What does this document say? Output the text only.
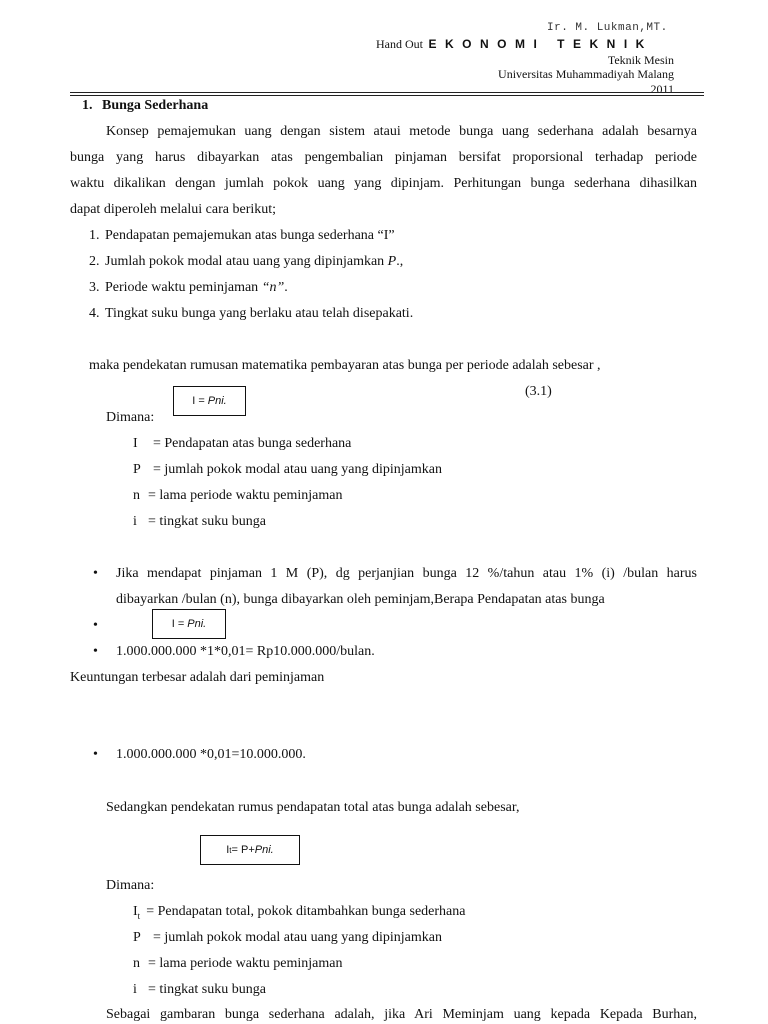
Ir. M. Lukman,MT.
Hand Out EKONOMI TEKNIK
Teknik Mesin
Universitas Muhammadiyah Malang
2011
1. Bunga Sederhana
Konsep pemajemukan uang dengan sistem ataui metode bunga uang sederhana adalah besarnya
bunga yang harus dibayarkan atas pengembalian pinjaman bersifat proporsional terhadap periode
waktu dikalikan dengan jumlah pokok uang yang dipinjam. Perhitungan bunga sederhana dihasilkan
dapat diperoleh melalui cara berikut;
1. Pendapatan pemajemukan atas bunga sederhana “I”
2. Jumlah pokok modal atau uang yang dipinjamkan P.,
3. Periode waktu peminjaman “n”.
4. Tingkat suku bunga yang berlaku atau telah disepakati.
maka pendekatan rumusan matematika pembayaran atas bunga per periode adalah sebesar ,
I = Pni.
(3.1)
Dimana:
I = Pendapatan atas bunga sederhana
P = jumlah pokok modal atau uang yang dipinjamkan
n = lama periode waktu peminjaman
i = tingkat suku bunga
• Jika mendapat pinjaman 1 M (P), dg perjanjian bunga 12 %/tahun atau 1% (i) /bulan harus
dibayarkan /bulan (n), bunga dibayarkan oleh peminjam,Berapa Pendapatan atas bunga
•	I = Pni.
• 1.000.000.000 *1*0,01= Rp10.000.000/bulan.
Keuntungan terbesar adalah dari peminjaman
• 1.000.000.000 *0,01=10.000.000.
Sedangkan pendekatan rumus pendapatan total atas bunga adalah sebesar,
I t = P+ Pni.
Dimana:
$I_t$ = Pendapatan total, pokok ditambahkan bunga sederhana
P = jumlah pokok modal atau uang yang dipinjamkan
n = lama periode waktu peminjaman
i = tingkat suku bunga
Sebagai gambaran bunga sederhana adalah, jika Ari Meminjam uang kepada Kepada Burhan,
